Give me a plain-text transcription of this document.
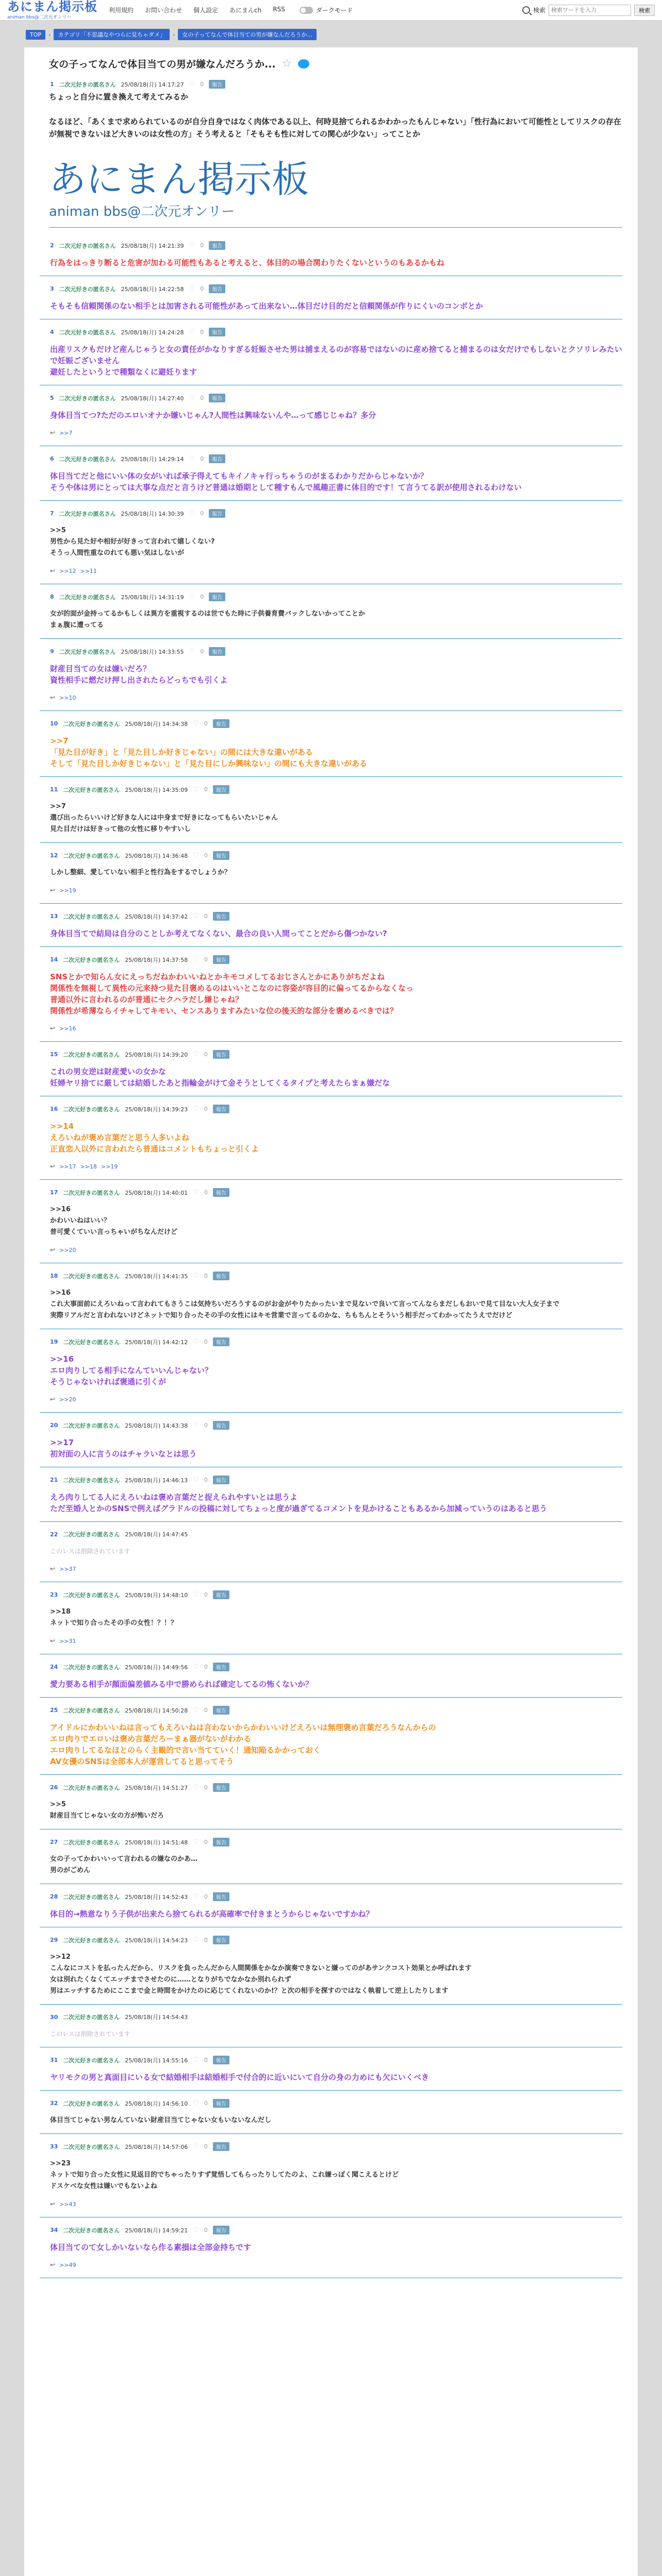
あにまん掲示板
animan bbs@二次元オンリー
利用規約 お問い合わせ 個人設定 あにまんch RSS	ダークモード	検索
検索ワードを入力	検索
TOP	›	カテゴリ「不思議なやつらに見ちゃダメ」	›	女の子ってなんで体目当ての男が嫌なんだろうか...
女の子ってなんで体目当ての男が嫌なんだろうか... ☆
1 二次元好きの匿名さん 25/08/18(月) 14:17:27 ♡ 0	報告
ちょっと自分に置き換えて考えてみるか

なるほど、「あくまで求められているのが自分自身ではなく肉体である以上、何時見捨てられるかわかったもんじゃない」「性行為において可能性としてリスクの存在が無視できないほど大きいのは女性の方」そう考えると「そもそも性に対しての関心が少ない」ってことか
あにまん掲示板
animan bbs@二次元オンリー
2 二次元好きの匿名さん 25/08/18(月) 14:21:39 ♡ 0	報告
行為をはっきり断ると危害が加わる可能性もあると考えると、体目的の場合関わりたくないというのもあるかもね
3 二次元好きの匿名さん 25/08/18(月) 14:22:58 ♡ 0	報告
そもそも信頼関係のない相手とは加害される可能性があって出来ない…体目だけ目的だと信頼関係が作りにくいのコンボとか
4 二次元好きの匿名さん 25/08/18(月) 14:24:28 ♡ 0	報告
出産リスクもだけど産んじゃうと女の責任がかなりすぎる妊娠させた男は捕まえるのが容易ではないのに産め捨てると捕まるのは女だけでもしないとクソリレみたいで妊娠ございません
避妊したというとで種類なくに避妊ります
5 二次元好きの匿名さん 25/08/18(月) 14:27:40 ♡ 0	報告
身体目当てつ?ただのエロいオナか嫌いじゃん?人間性は興味ないんや…って感じじゃね？多分
↩ >>7
6 二次元好きの匿名さん 25/08/18(月) 14:29:14 ♡ 0	報告
体目当てだと他にいい体の女がいれば承子得えてもキイノキャ行っちゃうのがまるわかりだからじゃないか？
そうや体は男にとっては大事な点だと言うけど普通は婚期として種すもんで風趣正書に体目的です！て言うてる訳が使用されるわけない
7 二次元好きの匿名さん 25/08/18(月) 14:30:39 ♡ 0	報告
>>5
男性から見た好や相好が好きって言われて嬉しくない?
そうっ人間性重なのれても悪い気はしないが
↩ >>12 >>11
8 二次元好きの匿名さん 25/08/18(月) 14:31:19 ♡ 0	報告
女が的面が金持ってるかもしくは異方を重視するのは世でもた時に子供養育費バックしないかってことか
まぁ腹に遭ってる
9 二次元好きの匿名さん 25/08/18(月) 14:33:55 ♡ 0	報告
財産目当ての女は嫌いだろ？
資性相手に燃だけ押し出されたらどっちでも引くよ
↩ >>10
10 二次元好きの匿名さん 25/08/18(月) 14:34:38 ♡ 0	報告
>>7
「見た目が好き」と「見た目しか好きじゃない」の間には大きな違いがある
そして「見た目しか好きじゃない」と「見た目にしか興味ない」の間にも大きな違いがある
11 二次元好きの匿名さん 25/08/18(月) 14:35:09 ♡ 0	報告
>>7
選び出ったらいいけど好きな人には中身まで好きになってもらいたいじゃん
見た目だけは好きって他の女性に移りやすいし
12 二次元好きの匿名さん 25/08/18(月) 14:36:48 ♡ 0	報告
しかし整細、愛していない相手と性行為をするでしょうか？
↩ >>19
13 二次元好きの匿名さん 25/08/18(月) 14:37:42 ♡ 0	報告
身体目当てで結局は自分のことしか考えてなくない、最合の良い人間ってことだから傷つかない?
14 二次元好きの匿名さん 25/08/18(月) 14:37:58 ♡ 0	報告
SNSとかで知らん女にえっちだねかわいいねとかキモコメしてるおじさんとかにありがちだよね
関係性を無視して異性の元来持つ見た目褒めるのはいいとこなのに容姿が容目的に偏ってるからなくなっ
普通以外に言われるのが普通にセクハラだし嫌じゃね？
関係性が希薄ならイチャしてキモい、センスありますみたいな位の後天的な部分を褒めるべきでは？
↩ >>16
15 二次元好きの匿名さん 25/08/18(月) 14:39:20 ♡ 0	報告
これの男女逆は財産愛いの女かな
妊婦ヤリ捨てに厳しては結婚したあと指輪金がけて金そうとしてくるタイプと考えたらまぁ嫌だな
16 二次元好きの匿名さん 25/08/18(月) 14:39:23 ♡ 0	報告
>>14
えろいねが褒め言葉だと思う人多いよね
正直恋人以外に言われたら普通はコメントもちょっと引くよ
↩ >>17 >>18 >>19
17 二次元好きの匿名さん 25/08/18(月) 14:40:01 ♡ 0	報告
>>16
かわいいねはいい？
普可愛くていい言っちゃいがちなんだけど
↩ >>20
18 二次元好きの匿名さん 25/08/18(月) 14:41:35 ♡ 0	報告
>>16
これ大事面前にえろいねって言われてもさうこは気持ちいだろうするのがお金がやりたかったいまで見ないで良いて言ってんならまだしもおいで見て目ない大人女子まで
実際リアルだと言われないけどネットで知り合ったその手の女性にはキモ営業で言ってるのかな、ちもちんとそういう相手だってわかってたうえでだけど
19 二次元好きの匿名さん 25/08/18(月) 14:42:12 ♡ 0	報告
>>16
エロ肉りしてる相手になんていいんじゃない？
そうじゃないければ褒通に引くが
↩ >>20
20 二次元好きの匿名さん 25/08/18(月) 14:43:38 ♡ 0	報告
>>17
初対面の人に言うのはチャラいなとは思う
21 二次元好きの匿名さん 25/08/18(月) 14:46:13 ♡ 0	報告
えろ肉りしてる人にえろいねは褒め言葉だと捉えられやすいとは思うよ
ただ至婚人とかのSNSで例えばグラドルの投稿に対してちょっと度が過ぎてるコメントを見かけることもあるから加減っていうのはあると思う
22 二次元好きの匿名さん 25/08/18(月) 14:47:45
このレスは削除されています
↩ >>37
23 二次元好きの匿名さん 25/08/18(月) 14:48:10 ♡ 0	報告
>>18
ネットで知り合ったその手の女性！？！？
↩ >>31
24 二次元好きの匿名さん 25/08/18(月) 14:49:56 ♡ 0	報告
愛力要ある相手が顔面偏差値みる中で勝められば確定してるの怖くないか？
25 二次元好きの匿名さん 25/08/18(月) 14:50:28 ♡ 0	報告
アイドルにかわいいねは言ってもえろいねは言わないからかわいいけどえろいは無理褒め言葉だろうなんからの
エロ肉りでエロいは褒め言葉だろーまぁ器がないがわかる
エロ肉りしてるなほとのらく主観的で言い当てていく！通知陥るかかっておく
AV女優のSNSは全部本人が運営してると思ってそう
26 二次元好きの匿名さん 25/08/18(月) 14:51:27 ♡ 0	報告
>>5
財産目当てじゃない女の方が怖いだろ
27 二次元好きの匿名さん 25/08/18(月) 14:51:48 ♡ 0	報告
女の子ってかわいいって言われるの嫌なのかあ…
男のがごめん
28 二次元好きの匿名さん 25/08/18(月) 14:52:43 ♡ 0	報告
体目的→熱意なりう子供が出来たら捨てられるが高確率で付きまとうからじゃないですかね？
29 二次元好きの匿名さん 25/08/18(月) 14:54:23 ♡ 0	報告
>>12
こんなにコストを払ったんだから、リスクを負ったんだから人間関係をかなか演奏できないと嫌ってのがあサンクコスト効果とか呼ばれます
女は別れたくなくてエッチまでさせたのに……となりがちでなかなか別れられず
男はエッチするためにここまで金と時間をかけたのに応じてくれないのか!？と次の相手を探すのではなく執着して逆上したりします
30 二次元好きの匿名さん 25/08/18(月) 14:54:43
このレスは削除されています
31 二次元好きの匿名さん 25/08/18(月) 14:55:16 ♡ 0	報告
ヤリモクの男と真面目にいる女で結婚相手は結婚相手で付合的に近いにいて自分の身の力めにも欠にいくべき
32 二次元好きの匿名さん 25/08/18(月) 14:56:10 ♡ 0	報告
体目当てじゃない男なんていない財産目当てじゃない女もいないなんだし
33 二次元好きの匿名さん 25/08/18(月) 14:57:06 ♡ 0	報告
>>23
ネットで知り合った女性に見返目的でちゃったりすず覚悟してもらったりしてたのよ、これ嫌っぽく聞こえるとけど
ドスケベな女性は嫌いでもないよね
↩ >>43
34 二次元好きの匿名さん 25/08/18(月) 14:59:21 ♡ 0	報告
体目当てのて女しかいないなら作る素損は全部金持ちです
↩ >>49
